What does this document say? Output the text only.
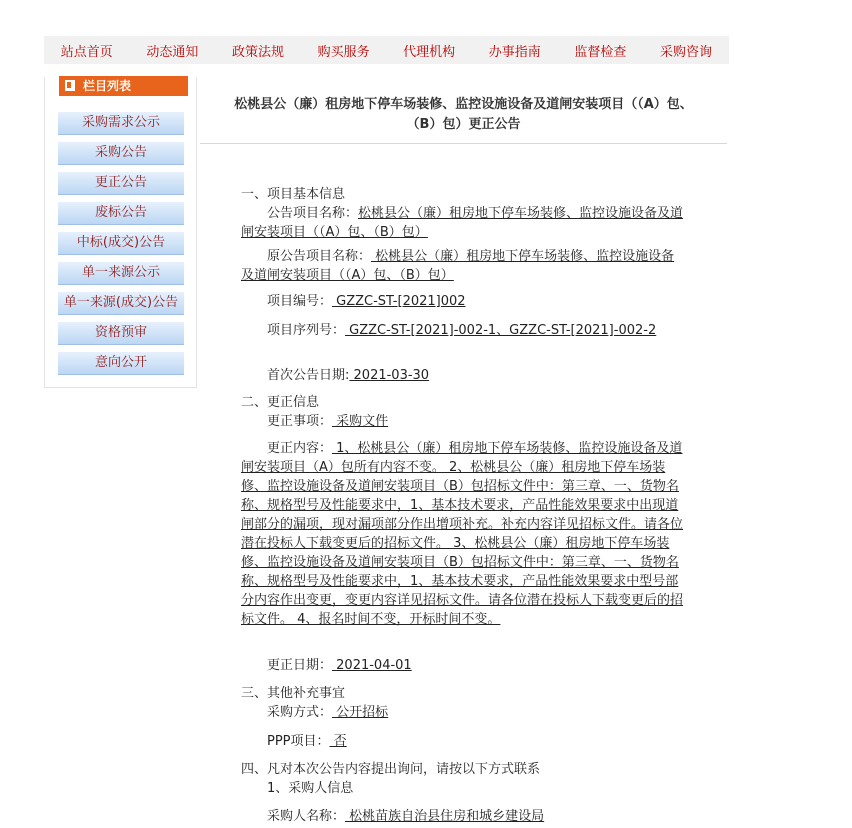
站点首页	动态通知	政策法规	购买服务	代理机构	办事指南	监督检查	采购咨询
栏目列表
采购需求公示
采购公告
更正公告
废标公告
中标(成交)公告
单一来源公示
单一来源(成交)公告
资格预审
意向公开
松桃县公（廉）租房地下停车场装修、监控设施设备及道闸安装项目（（A）包、
（B）包）更正公告
一、项目基本信息
公告项目名称：松桃县公（廉）租房地下停车场装修、监控设施设备及道闸安装项目（（A）包、（B）包）
原公告项目名称： 松桃县公（廉）租房地下停车场装修、监控设施设备及道闸安装项目（（A）包、（B）包）
项目编号： GZZC-ST-[2021]002
项目序列号： GZZC-ST-[2021]-002-1、GZZC-ST-[2021]-002-2
首次公告日期: 2021-03-30
二、更正信息
更正事项： 采购文件
更正内容： 1、松桃县公（廉）租房地下停车场装修、监控设施设备及道闸安装项目（A）包所有内容不变。 2、松桃县公（廉）租房地下停车场装修、监控设施设备及道闸安装项目（B）包招标文件中：第三章、一、货物名称、规格型号及性能要求中，1、基本技术要求，产品性能效果要求中出现道闸部分的漏项，现对漏项部分作出增项补充。补充内容详见招标文件。请各位潜在投标人下载变更后的招标文件。 3、松桃县公（廉）租房地下停车场装修、监控设施设备及道闸安装项目（B）包招标文件中：第三章、一、货物名称、规格型号及性能要求中，1、基本技术要求，产品性能效果要求中型号部分内容作出变更，变更内容详见招标文件。请各位潜在投标人下载变更后的招标文件。 4、报名时间不变，开标时间不变。
更正日期： 2021-04-01
三、其他补充事宜
采购方式： 公开招标
PPP项目： 否
四、凡对本次公告内容提出询问，请按以下方式联系
1、采购人信息
采购人名称： 松桃苗族自治县住房和城乡建设局
